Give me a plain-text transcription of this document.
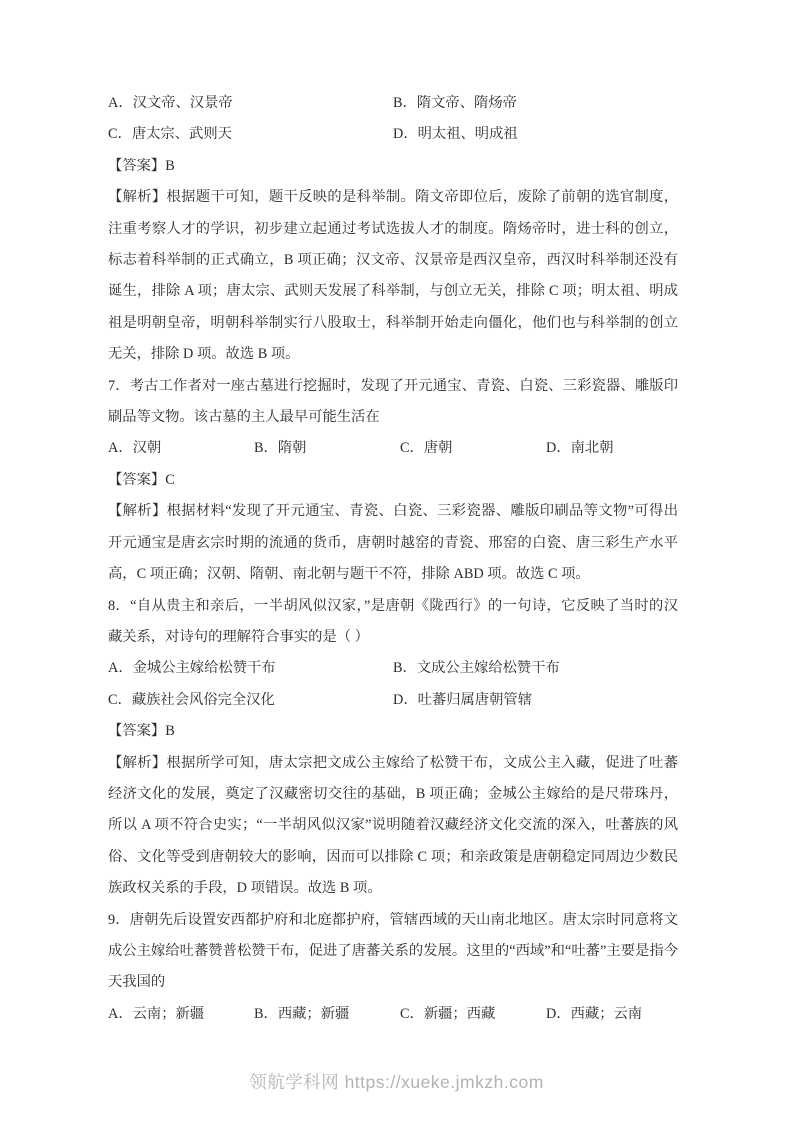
A．汉文帝、汉景帝	B．隋文帝、隋炀帝
C．唐太宗、武则天	D．明太祖、明成祖

【答案】B

【解析】根据题干可知，题干反映的是科举制。隋文帝即位后，废除了前朝的选官制度，注重考察人才的学识，初步建立起通过考试选拔人才的制度。隋炀帝时，进士科的创立，标志着科举制的正式确立，B 项正确；汉文帝、汉景帝是西汉皇帝，西汉时科举制还没有诞生，排除 A 项；唐太宗、武则天发展了科举制，与创立无关，排除 C 项；明太祖、明成祖是明朝皇帝，明朝科举制实行八股取士，科举制开始走向僵化，他们也与科举制的创立无关，排除 D 项。故选 B 项。

7．考古工作者对一座古墓进行挖掘时，发现了开元通宝、青瓷、白瓷、三彩瓷器、雕版印刷品等文物。该古墓的主人最早可能生活在

A．汉朝	B．隋朝	C．唐朝	D．南北朝

【答案】C

【解析】根据材料“发现了开元通宝、青瓷、白瓷、三彩瓷器、雕版印刷品等文物”可得出开元通宝是唐玄宗时期的流通的货币，唐朝时越窑的青瓷、邢窑的白瓷、唐三彩生产水平高，C 项正确；汉朝、隋朝、南北朝与题干不符，排除 ABD 项。故选 C 项。

8．“自从贵主和亲后，一半胡风似汉家，”是唐朝《陇西行》的一句诗，它反映了当时的汉藏关系，对诗句的理解符合事实的是（ ）

A．金城公主嫁给松赞干布	B．文成公主嫁给松赞干布
C．藏族社会风俗完全汉化	D．吐蕃归属唐朝管辖

【答案】B

【解析】根据所学可知，唐太宗把文成公主嫁给了松赞干布，文成公主入藏，促进了吐蕃经济文化的发展，奠定了汉藏密切交往的基础，B 项正确；金城公主嫁给的是尺带珠丹，所以 A 项不符合史实；“一半胡风似汉家”说明随着汉藏经济文化交流的深入，吐蕃族的风俗、文化等受到唐朝较大的影响，因而可以排除 C 项；和亲政策是唐朝稳定同周边少数民族政权关系的手段，D 项错误。故选 B 项。

9．唐朝先后设置安西都护府和北庭都护府，管辖西域的天山南北地区。唐太宗时同意将文成公主嫁给吐蕃赞普松赞干布，促进了唐蕃关系的发展。这里的“西域”和“吐蕃”主要是指今天我国的

A．云南；新疆	B．西藏；新疆	C．新疆；西藏	D．西藏；云南
领航学科网 https://xueke.jmkzh.com
